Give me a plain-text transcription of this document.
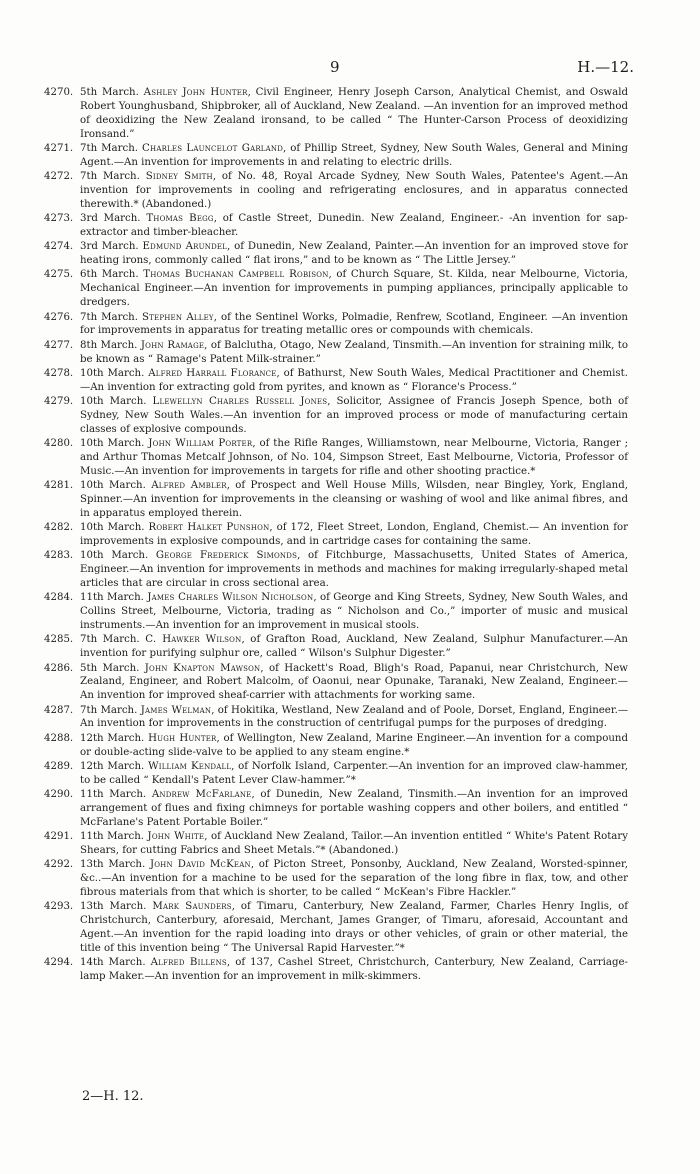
9	H.—12.

4270. 5th March. Ashley John Hunter, Civil Engineer, Henry Joseph Carson, Analytical Chemist, and Oswald Robert Younghusband, Shipbroker, all of Auckland, New Zealand. —An invention for an improved method of deoxidizing the New Zealand ironsand, to be called “ The Hunter-Carson Process of deoxidizing Ironsand.”

4271. 7th March. Charles Launcelot Garland, of Phillip Street, Sydney, New South Wales, General and Mining Agent.—An invention for improvements in and relating to electric drills.

4272. 7th March. Sidney Smith, of No. 48, Royal Arcade Sydney, New South Wales, Patentee's Agent.—An invention for improvements in cooling and refrigerating enclosures, and in apparatus connected therewith.* (Abandoned.)

4273. 3rd March. Thomas Begg, of Castle Street, Dunedin. New Zealand, Engineer.- -An invention for sap-extractor and timber-bleacher.

4274. 3rd March. Edmund Arundel, of Dunedin, New Zealand, Painter.—An invention for an improved stove for heating irons, commonly called “ flat irons,” and to be known as “ The Little Jersey.”

4275. 6th March. Thomas Buchanan Campbell Robison, of Church Square, St. Kilda, near Melbourne, Victoria, Mechanical Engineer.—An invention for improvements in pumping appliances, principally applicable to dredgers.

4276. 7th March. Stephen Alley, of the Sentinel Works, Polmadie, Renfrew, Scotland, Engineer. —An invention for improvements in apparatus for treating metallic ores or compounds with chemicals.

4277. 8th March. John Ramage, of Balclutha, Otago, New Zealand, Tinsmith.—An invention for straining milk, to be known as “ Ramage's Patent Milk-strainer.”

4278. 10th March. Alfred Harrall Florance, of Bathurst, New South Wales, Medical Practitioner and Chemist.—An invention for extracting gold from pyrites, and known as “ Florance's Process.”

4279. 10th March. Llewellyn Charles Russell Jones, Solicitor, Assignee of Francis Joseph Spence, both of Sydney, New South Wales.—An invention for an improved process or mode of manufacturing certain classes of explosive compounds.

4280. 10th March. John William Porter, of the Rifle Ranges, Williamstown, near Melbourne, Victoria, Ranger ; and Arthur Thomas Metcalf Johnson, of No. 104, Simpson Street, East Melbourne, Victoria, Professor of Music.—An invention for improvements in targets for rifle and other shooting practice.*

4281. 10th March. Alfred Ambler, of Prospect and Well House Mills, Wilsden, near Bingley, York, England, Spinner.—An invention for improvements in the cleansing or washing of wool and like animal fibres, and in apparatus employed therein.

4282. 10th March. Robert Halket Punshon, of 172, Fleet Street, London, England, Chemist.— An invention for improvements in explosive compounds, and in cartridge cases for containing the same.

4283. 10th March. George Frederick Simonds, of Fitchburge, Massachusetts, United States of America, Engineer.—An invention for improvements in methods and machines for making irregularly-shaped metal articles that are circular in cross sectional area.

4284. 11th March. James Charles Wilson Nicholson, of George and King Streets, Sydney, New South Wales, and Collins Street, Melbourne, Victoria, trading as “ Nicholson and Co.,” importer of music and musical instruments.—An invention for an improvement in musical stools.

4285. 7th March. C. Hawker Wilson, of Grafton Road, Auckland, New Zealand, Sulphur Manufacturer.—An invention for purifying sulphur ore, called “ Wilson's Sulphur Digester.”

4286. 5th March. John Knapton Mawson, of Hackett's Road, Bligh's Road, Papanui, near Christchurch, New Zealand, Engineer, and Robert Malcolm, of Oaonui, near Opunake, Taranaki, New Zealand, Engineer.—An invention for improved sheaf-carrier with attachments for working same.

4287. 7th March. James Welman, of Hokitika, Westland, New Zealand and of Poole, Dorset, England, Engineer.—An invention for improvements in the construction of centrifugal pumps for the purposes of dredging.

4288. 12th March. Hugh Hunter, of Wellington, New Zealand, Marine Engineer.—An invention for a compound or double-acting slide-valve to be applied to any steam engine.*

4289. 12th March. William Kendall, of Norfolk Island, Carpenter.—An invention for an improved claw-hammer, to be called “ Kendall's Patent Lever Claw-hammer.”*

4290. 11th March. Andrew McFarlane, of Dunedin, New Zealand, Tinsmith.—An invention for an improved arrangement of flues and fixing chimneys for portable washing coppers and other boilers, and entitled “ McFarlane's Patent Portable Boiler.”

4291. 11th March. John White, of Auckland New Zealand, Tailor.—An invention entitled “ White's Patent Rotary Shears, for cutting Fabrics and Sheet Metals.”* (Abandoned.)

4292. 13th March. John David McKean, of Picton Street, Ponsonby, Auckland, New Zealand, Worsted-spinner, &c..—An invention for a machine to be used for the separation of the long fibre in flax, tow, and other fibrous materials from that which is shorter, to be called “ McKean's Fibre Hackler.”

4293. 13th March. Mark Saunders, of Timaru, Canterbury, New Zealand, Farmer, Charles Henry Inglis, of Christchurch, Canterbury, aforesaid, Merchant, James Granger, of Timaru, aforesaid, Accountant and Agent.—An invention for the rapid loading into drays or other vehicles, of grain or other material, the title of this invention being “ The Universal Rapid Harvester.”*

4294. 14th March. Alfred Billens, of 137, Cashel Street, Christchurch, Canterbury, New Zealand, Carriage-lamp Maker.—An invention for an improvement in milk-skimmers.

2—H. 12.
